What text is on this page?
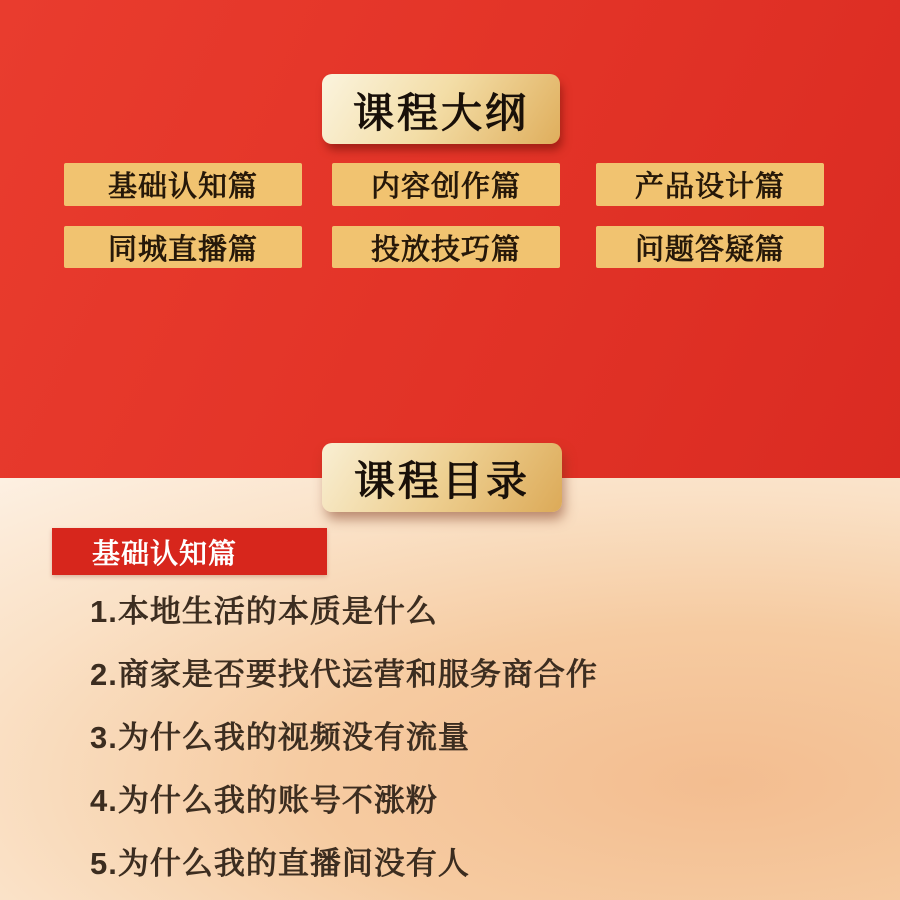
课程大纲
基础认知篇	内容创作篇	产品设计篇
同城直播篇	投放技巧篇	问题答疑篇
课程目录
基础认知篇
1.本地生活的本质是什么
2.商家是否要找代运营和服务商合作
3.为什么我的视频没有流量
4.为什么我的账号不涨粉
5.为什么我的直播间没有人
